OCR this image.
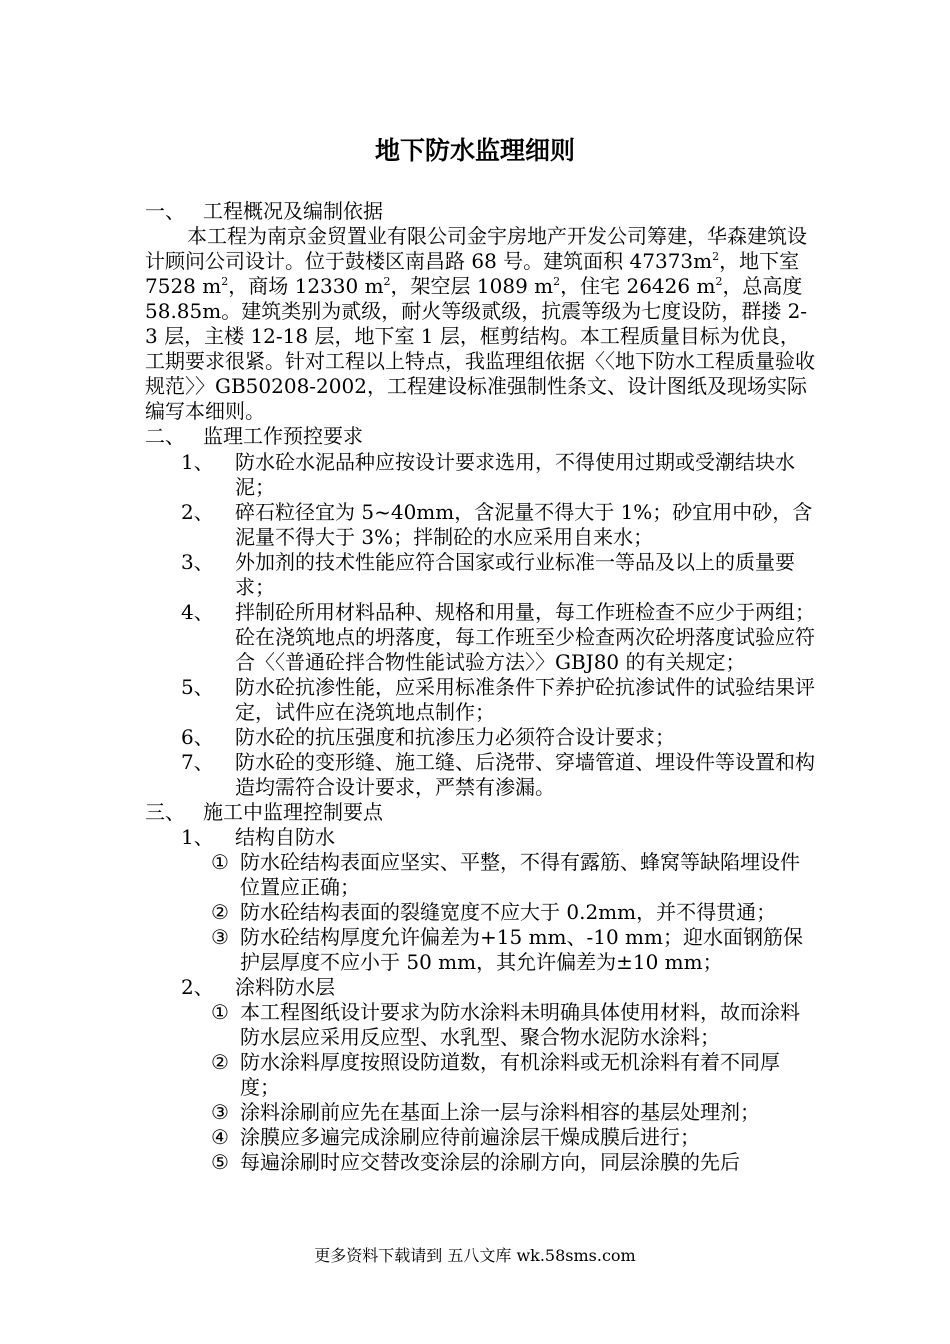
地下防水监理细则
一、 工程概况及编制依据
本工程为南京金贸置业有限公司金宇房地产开发公司筹建，华森建筑设计顾问公司设计。位于鼓楼区南昌路 68 号。建筑面积 $47373m^2$，地下室 7528 $m^2$，商场 12330 $m^2$，架空层 1089 $m^2$，住宅 26426 $m^2$，总高度 58.85m。建筑类别为贰级，耐火等级贰级，抗震等级为七度设防，群搂 2-3 层，主楼 12-18 层，地下室 1 层，框剪结构。本工程质量目标为优良，工期要求很紧。针对工程以上特点，我监理组依据〈〈地下防水工程质量验收规范〉〉GB50208-2002，工程建设标准强制性条文、设计图纸及现场实际编写本细则。
二、 监理工作预控要求
1、 防水砼水泥品种应按设计要求选用，不得使用过期或受潮结块水泥；
2、 碎石粒径宜为 5~40mm，含泥量不得大于 1%；砂宜用中砂，含泥量不得大于 3%；拌制砼的水应采用自来水；
3、 外加剂的技术性能应符合国家或行业标准一等品及以上的质量要求；
4、 拌制砼所用材料品种、规格和用量，每工作班检查不应少于两组；砼在浇筑地点的坍落度，每工作班至少检查两次砼坍落度试验应符合〈〈普通砼拌合物性能试验方法〉〉GBJ80 的有关规定；
5、 防水砼抗渗性能，应采用标准条件下养护砼抗渗试件的试验结果评定，试件应在浇筑地点制作；
6、 防水砼的抗压强度和抗渗压力必须符合设计要求；
7、 防水砼的变形缝、施工缝、后浇带、穿墙管道、埋设件等设置和构造均需符合设计要求，严禁有渗漏。
三、 施工中监理控制要点
1、 结构自防水
① 防水砼结构表面应坚实、平整，不得有露筋、蜂窝等缺陷埋设件位置应正确；
② 防水砼结构表面的裂缝宽度不应大于 0.2mm，并不得贯通；
③ 防水砼结构厚度允许偏差为+15 mm、-10 mm；迎水面钢筋保护层厚度不应小于 50 mm，其允许偏差为±10 mm；
2、 涂料防水层
① 本工程图纸设计要求为防水涂料未明确具体使用材料，故而涂料防水层应采用反应型、水乳型、聚合物水泥防水涂料；
② 防水涂料厚度按照设防道数，有机涂料或无机涂料有着不同厚度；
③ 涂料涂刷前应先在基面上涂一层与涂料相容的基层处理剂；
④ 涂膜应多遍完成涂刷应待前遍涂层干燥成膜后进行；
⑤ 每遍涂刷时应交替改变涂层的涂刷方向，同层涂膜的先后
更多资料下载请到 五八文库 wk.58sms.com
